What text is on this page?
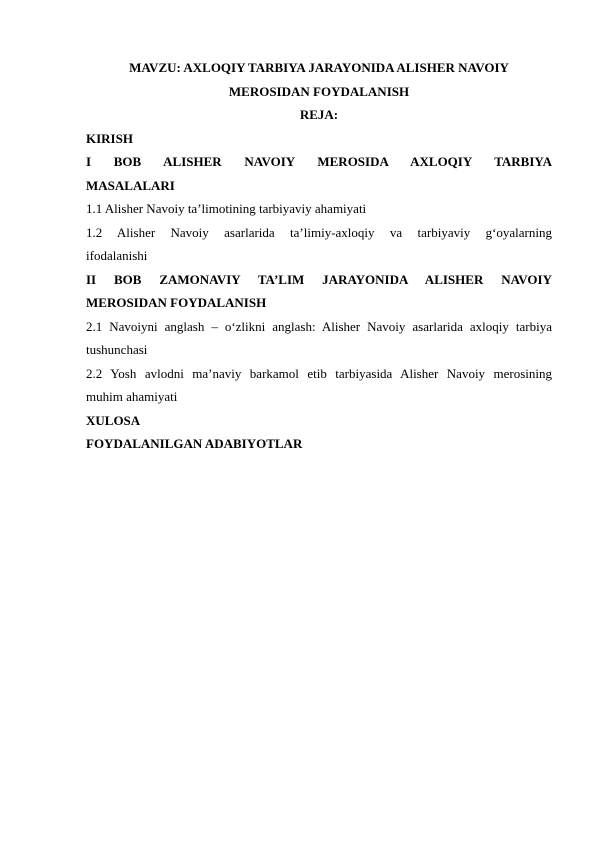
MAVZU: AXLOQIY TARBIYA JARAYONIDA ALISHER NAVOIY

MEROSIDAN FOYDALANISH

REJA:

KIRISH

I BOB ALISHER NAVOIY MEROSIDA AXLOQIY TARBIYA

MASALALARI

1.1 Alisher Navoiy ta’limotining tarbiyaviy ahamiyati

1.2 Alisher Navoiy asarlarida ta’limiy-axloqiy va tarbiyaviy g‘oyalarning

ifodalanishi

II BOB ZAMONAVIY TA’LIM JARAYONIDA ALISHER NAVOIY

MEROSIDAN FOYDALANISH

2.1 Navoiyni anglash – o‘zlikni anglash: Alisher Navoiy asarlarida axloqiy tarbiya

tushunchasi

2.2 Yosh avlodni ma’naviy barkamol etib tarbiyasida Alisher Navoiy merosining

muhim ahamiyati

XULOSA

FOYDALANILGAN ADABIYOTLAR
